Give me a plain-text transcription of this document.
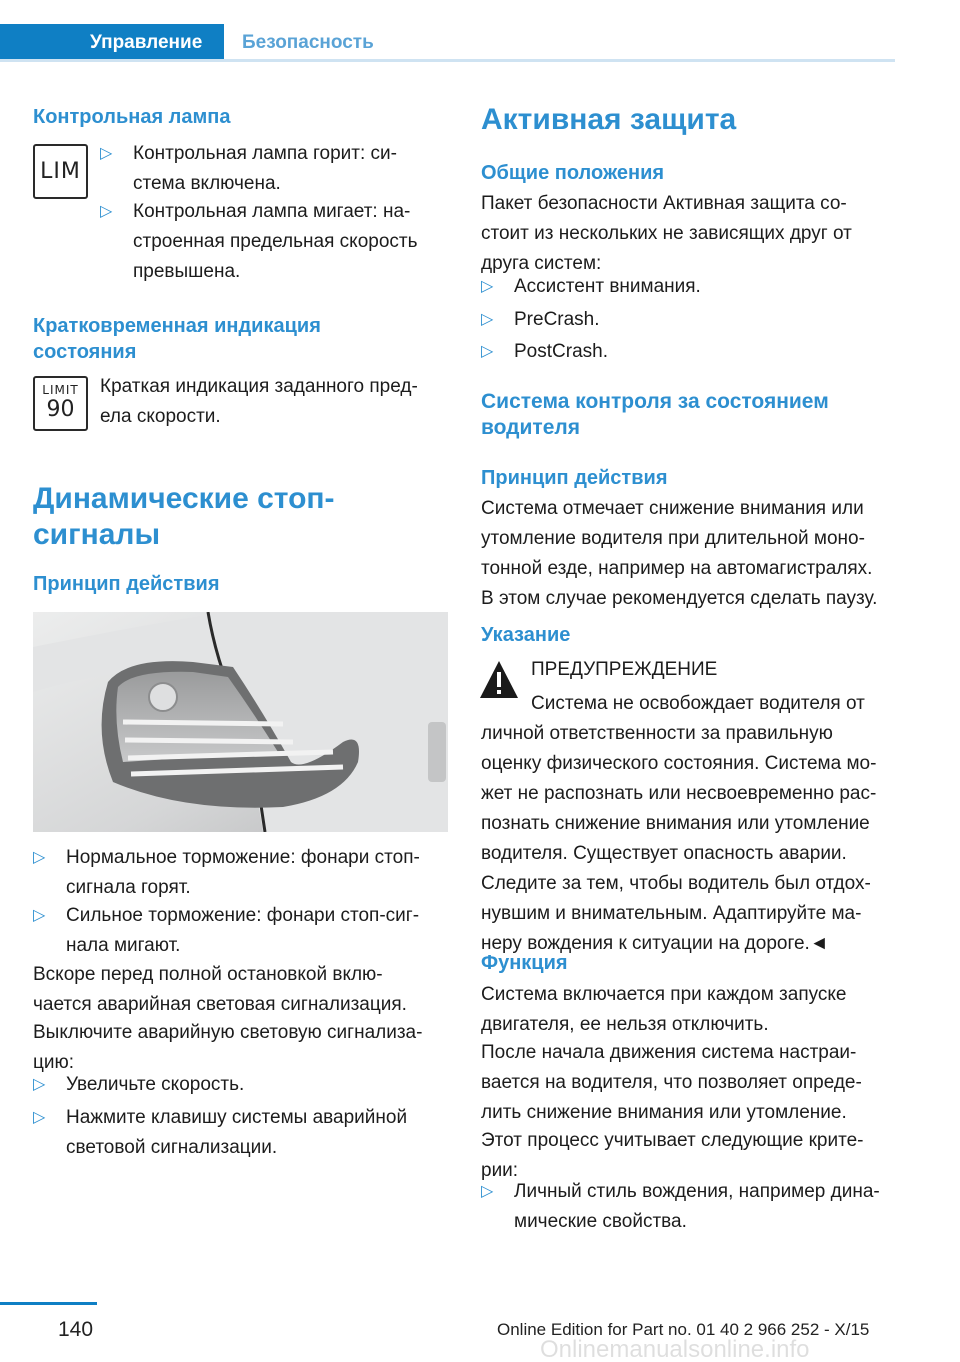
Управление	Безопасность
Контрольная лампа
LIM
▷ Контрольная лампа горит: си-
стема включена.
▷ Контрольная лампа мигает: на-
строенная предельная скорость
превышена.
Кратковременная индикация
состояния
LIMIT
90
Краткая индикация заданного пред-
ела скорости.
Динамические стоп-
сигналы
Принцип действия
▷ Нормальное торможение: фонари стоп-
сигнала горят.
▷ Сильное торможение: фонари стоп-сиг-
нала мигают.
Вскоре перед полной остановкой вклю-
чается аварийная световая сигнализация.
Выключите аварийную световую сигнализа-
цию:
▷ Увеличьте скорость.
▷ Нажмите клавишу системы аварийной
световой сигнализации.
Активная защита
Общие положения
Пакет безопасности Активная защита со-
стоит из нескольких не зависящих друг от
друга систем:
▷ Ассистент внимания.
▷ PreCrash.
▷ PostCrash.
Система контроля за состоянием
водителя
Принцип действия
Система отмечает снижение внимания или
утомление водителя при длительной моно-
тонной езде, например на автомагистралях.
В этом случае рекомендуется сделать паузу.
Указание
ПРЕДУПРЕЖДЕНИЕ
Система не освобождает водителя от
личной ответственности за правильную
оценку физического состояния. Система мо-
жет не распознать или несвоевременно рас-
познать снижение внимания или утомление
водителя. Существует опасность аварии.
Следите за тем, чтобы водитель был отдох-
нувшим и внимательным. Адаптируйте ма-
неру вождения к ситуации на дороге.◄
Функция
Система включается при каждом запуске
двигателя, ее нельзя отключить.
После начала движения система настраи-
вается на водителя, что позволяет опреде-
лить снижение внимания или утомление.
Этот процесс учитывает следующие крите-
рии:
▷ Личный стиль вождения, например дина-
мические свойства.
140	Online Edition for Part no. 01 40 2 966 252 - X/15
Onlinemanualsonline.info
